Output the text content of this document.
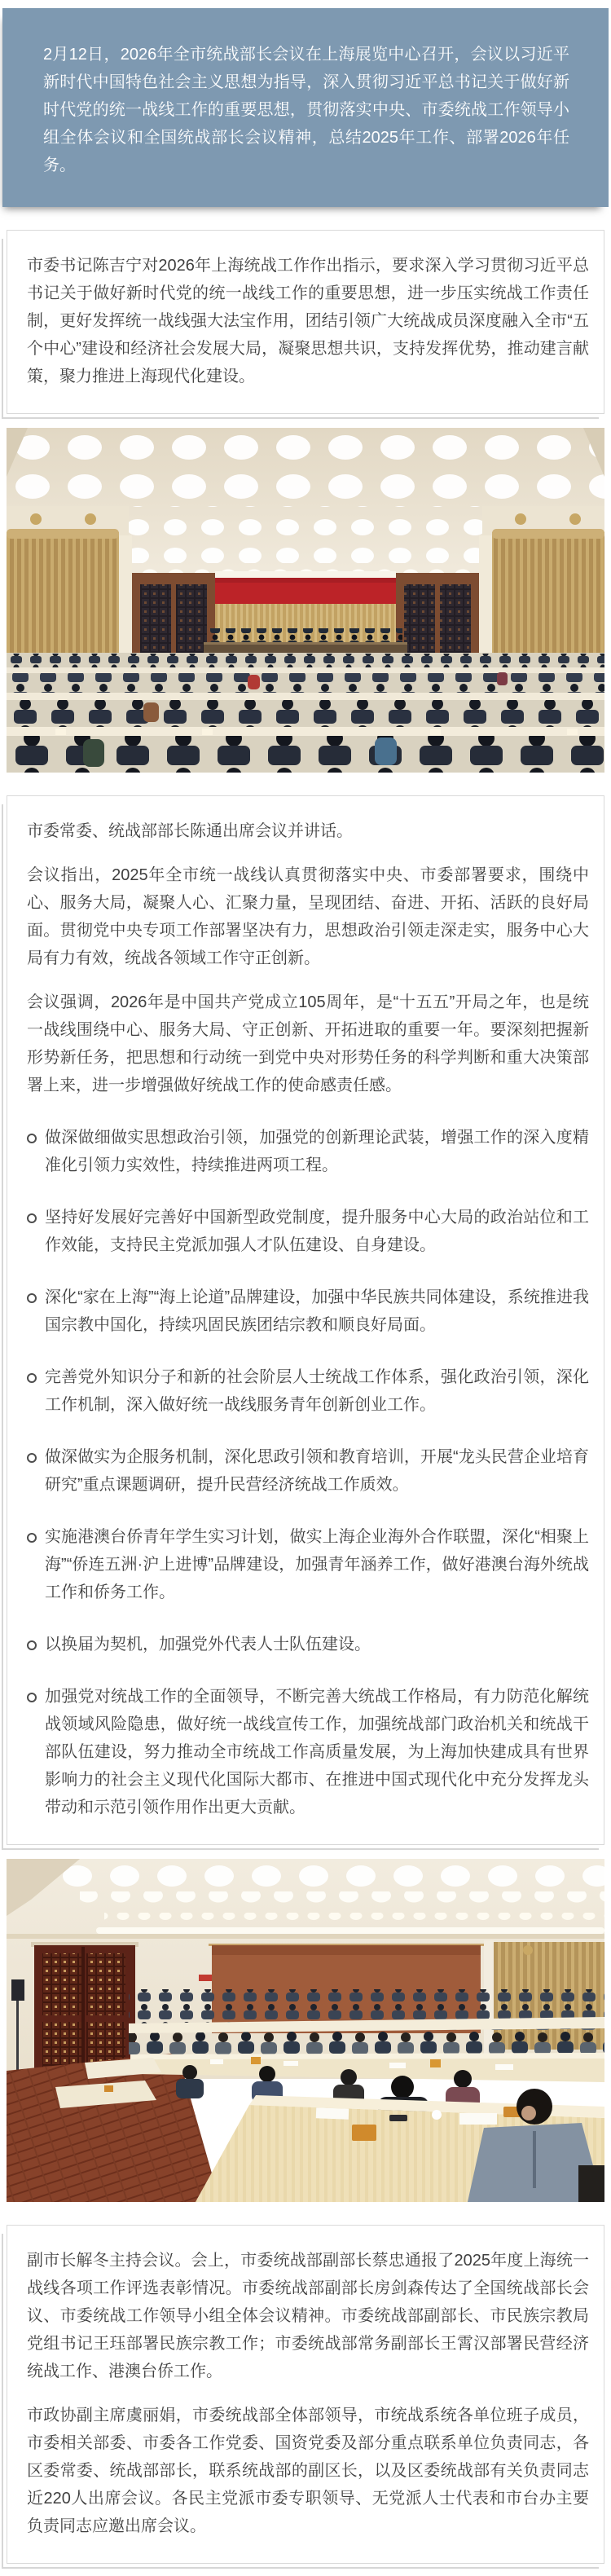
2月12日，2026年全市统战部长会议在上海展览中心召开，会议以习近平新时代中国特色社会主义思想为指导，深入贯彻习近平总书记关于做好新时代党的统一战线工作的重要思想，贯彻落实中央、市委统战工作领导小组全体会议和全国统战部长会议精神，总结2025年工作、部署2026年任务。

市委书记陈吉宁对2026年上海统战工作作出指示，要求深入学习贯彻习近平总书记关于做好新时代党的统一战线工作的重要思想，进一步压实统战工作责任制，更好发挥统一战线强大法宝作用，团结引领广大统战成员深度融入全市“五个中心”建设和经济社会发展大局，凝聚思想共识，支持发挥优势，推动建言献策，聚力推进上海现代化建设。

市委常委、统战部部长陈通出席会议并讲话。

会议指出，2025年全市统一战线认真贯彻落实中央、市委部署要求，围绕中心、服务大局，凝聚人心、汇聚力量，呈现团结、奋进、开拓、活跃的良好局面。贯彻党中央专项工作部署坚决有力，思想政治引领走深走实，服务中心大局有力有效，统战各领域工作守正创新。

会议强调，2026年是中国共产党成立105周年，是“十五五”开局之年，也是统一战线围绕中心、服务大局、守正创新、开拓进取的重要一年。要深刻把握新形势新任务，把思想和行动统一到党中央对形势任务的科学判断和重大决策部署上来，进一步增强做好统战工作的使命感责任感。

做深做细做实思想政治引领，加强党的创新理论武装，增强工作的深入度精准化引领力实效性，持续推进两项工程。

坚持好发展好完善好中国新型政党制度，提升服务中心大局的政治站位和工作效能，支持民主党派加强人才队伍建设、自身建设。

深化“家在上海”“海上论道”品牌建设，加强中华民族共同体建设，系统推进我国宗教中国化，持续巩固民族团结宗教和顺良好局面。

完善党外知识分子和新的社会阶层人士统战工作体系，强化政治引领，深化工作机制，深入做好统一战线服务青年创新创业工作。

做深做实为企服务机制，深化思政引领和教育培训，开展“龙头民营企业培育研究”重点课题调研，提升民营经济统战工作质效。

实施港澳台侨青年学生实习计划，做实上海企业海外合作联盟，深化“相聚上海”“侨连五洲·沪上进博”品牌建设，加强青年涵养工作，做好港澳台海外统战工作和侨务工作。

以换届为契机，加强党外代表人士队伍建设。

加强党对统战工作的全面领导，不断完善大统战工作格局，有力防范化解统战领域风险隐患，做好统一战线宣传工作，加强统战部门政治机关和统战干部队伍建设，努力推动全市统战工作高质量发展，为上海加快建成具有世界影响力的社会主义现代化国际大都市、在推进中国式现代化中充分发挥龙头带动和示范引领作用作出更大贡献。

副市长解冬主持会议。会上，市委统战部副部长蔡忠通报了2025年度上海统一战线各项工作评选表彰情况。市委统战部副部长房剑森传达了全国统战部长会议、市委统战工作领导小组全体会议精神。市委统战部副部长、市民族宗教局党组书记王珏部署民族宗教工作；市委统战部常务副部长王霄汉部署民营经济统战工作、港澳台侨工作。

市政协副主席虞丽娟，市委统战部全体部领导，市统战系统各单位班子成员，市委相关部委、市委各工作党委、国资党委及部分重点联系单位负责同志，各区委常委、统战部部长，联系统战部的副区长，以及区委统战部有关负责同志近220人出席会议。各民主党派市委专职领导、无党派人士代表和市台办主要负责同志应邀出席会议。
